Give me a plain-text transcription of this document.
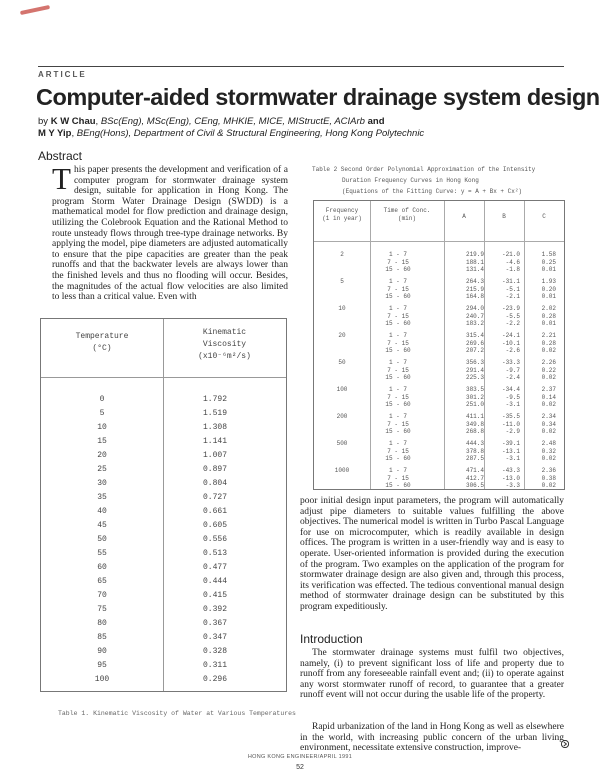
ARTICLE
Computer-aided stormwater drainage system design
by K W Chau, BSc(Eng), MSc(Eng), CEng, MHKIE, MICE, MIStructE, ACIArb and
M Y Yip, BEng(Hons), Department of Civil & Structural Engineering, Hong Kong Polytechnic
Abstract

This paper presents the development and verification of a computer program for stormwater drainage system design, suitable for application in Hong Kong. The program Storm Water Drainage Design (SWDD) is a mathematical model for flow prediction and drainage design, utilizing the Colebrook Equation and the Rational Method to route unsteady flows through tree-type drainage networks. By applying the model, pipe diameters are adjusted automatically to ensure that the pipe capacities are greater than the peak runoffs and that the backwater levels are always lower than the finished levels and thus no flooding will occur. Besides, the magnitudes of the actual flow velocities are also limited to less than a critical value. Even with

Temperature
(°C)
Kinematic
Viscosity
(x10⁻⁶m²/s)
0	1.792
5	1.519
10	1.308
15	1.141
20	1.007
25	0.897
30	0.804
35	0.727
40	0.661
45	0.605
50	0.556
55	0.513
60	0.477
65	0.444
70	0.415
75	0.392
80	0.367
85	0.347
90	0.328
95	0.311
100	0.296
Table 1. Kinematic Viscosity of Water at Various Temperatures
Table 2 Second Order Polynomial Approximation of the Intensity
Duration Frequency Curves in Hong Kong
(Equations of the Fitting Curve: y = A + Bx + Cx²)
Frequency
(1 in year)
Time of Conc.
(min)	A	B	C
2	1 - 7	219.9	-21.0	1.58
7 - 15	188.1	-4.6	0.25
15 - 60	131.4	-1.8	0.01
5	1 - 7	264.3	-31.1	1.93
7 - 15	215.9	-5.1	0.20
15 - 60	164.8	-2.1	0.01
10	1 - 7	294.0	-23.9	2.02
7 - 15	240.7	-5.5	0.28
15 - 60	183.2	-2.2	0.01
20	1 - 7	315.4	-24.1	2.21
7 - 15	269.6	-10.1	0.28
15 - 60	207.2	-2.6	0.02
50	1 - 7	356.3	-33.3	2.26
7 - 15	291.4	-9.7	0.22
15 - 60	225.3	-2.4	0.02
100	1 - 7	383.5	-34.4	2.37
7 - 15	301.2	-9.5	0.14
15 - 60	251.0	-3.1	0.02
200	1 - 7	411.1	-35.5	2.34
7 - 15	349.8	-11.0	0.34
15 - 60	268.8	-2.9	0.02
500	1 - 7	444.3	-39.1	2.48
7 - 15	378.8	-13.1	0.32
15 - 60	287.5	-3.1	0.02
1000	1 - 7	471.4	-43.3	2.36
7 - 15	412.7	-13.0	0.38
15 - 60	306.5	-3.3	0.02

poor initial design input parameters, the program will automatically adjust pipe diameters to suitable values fulfilling the above objectives. The numerical model is written in Turbo Pascal Language for use on microcomputer, which is readily available in design offices. The program is written in a user-friendly way and is easy to operate. User-oriented information is provided during the execution of the program. Two examples on the application of the program for stormwater drainage design are also given and, through this process, its verification was effected. The tedious conventional manual design method of stormwater drainage design can be substituted by this program expeditiously.

Introduction

The stormwater drainage systems must fulfil two objectives, namely, (i) to prevent significant loss of life and property due to runoff from any foreseeable rainfall event and; (ii) to operate against any worst stormwater runoff of record, to guarantee that a greater runoff event will not occur during the usable life of the property.

Rapid urbanization of the land in Hong Kong as well as elsewhere in the world, with increasing public concern of the urban living environment, necessitate extensive construction, improve-

HONG KONG ENGINEER/APRIL 1991
52
